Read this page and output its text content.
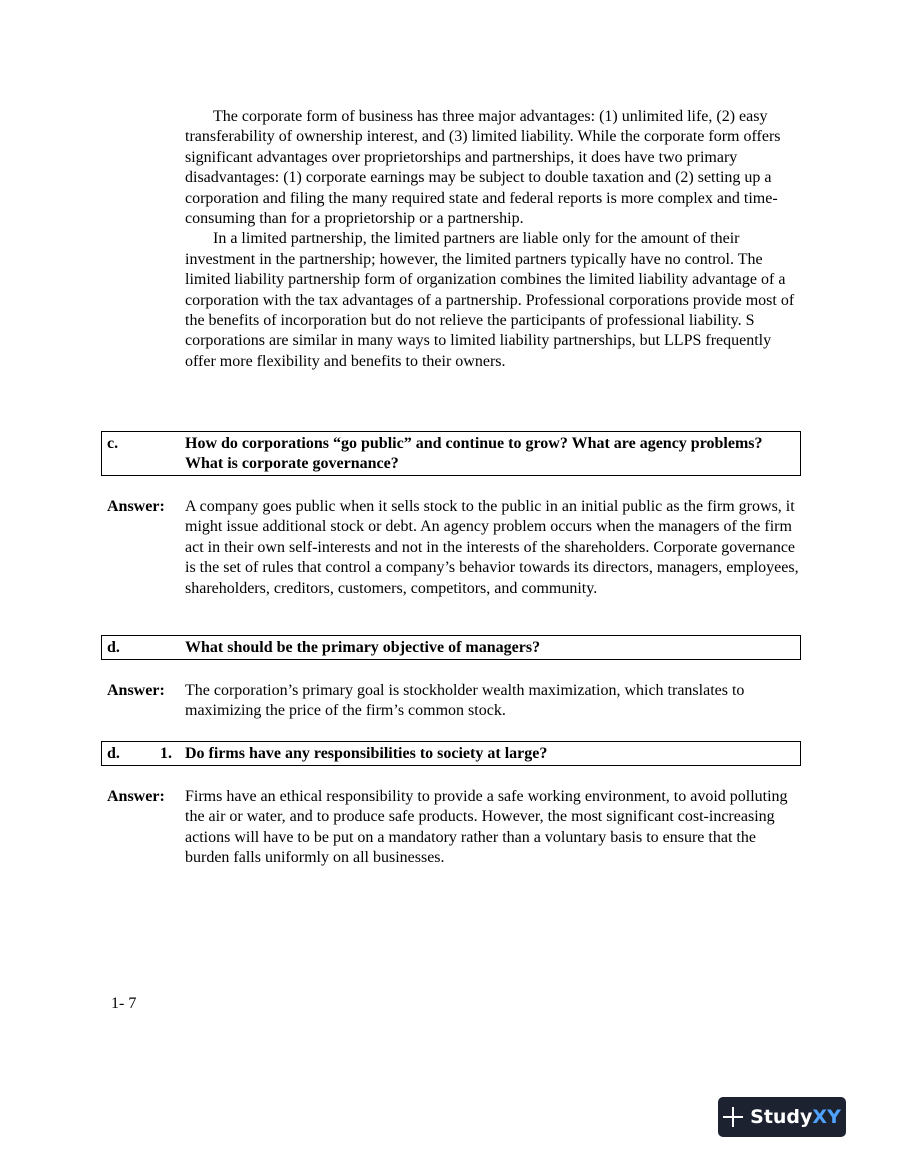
The corporate form of business has three major advantages: (1) unlimited life, (2) easy transferability of ownership interest, and (3) limited liability. While the corporate form offers significant advantages over proprietorships and partnerships, it does have two primary disadvantages: (1) corporate earnings may be subject to double taxation and (2) setting up a corporation and filing the many required state and federal reports is more complex and time-consuming than for a proprietorship or a partnership.

In a limited partnership, the limited partners are liable only for the amount of their investment in the partnership; however, the limited partners typically have no control. The limited liability partnership form of organization combines the limited liability advantage of a corporation with the tax advantages of a partnership. Professional corporations provide most of the benefits of incorporation but do not relieve the participants of professional liability. S corporations are similar in many ways to limited liability partnerships, but LLPS frequently offer more flexibility and benefits to their owners.

c.	How do corporations “go public” and continue to grow? What are agency problems? What is corporate governance?
Answer: A company goes public when it sells stock to the public in an initial public as the firm grows, it might issue additional stock or debt. An agency problem occurs when the managers of the firm act in their own self-interests and not in the interests of the shareholders. Corporate governance is the set of rules that control a company’s behavior towards its directors, managers, employees, shareholders, creditors, customers, competitors, and community.
d.	What should be the primary objective of managers?
Answer: The corporation’s primary goal is stockholder wealth maximization, which translates to maximizing the price of the firm’s common stock.
d.	1. Do firms have any responsibilities to society at large?
Answer: Firms have an ethical responsibility to provide a safe working environment, to avoid polluting the air or water, and to produce safe products. However, the most significant cost-increasing actions will have to be put on a mandatory rather than a voluntary basis to ensure that the burden falls uniformly on all businesses.
1- 7
Study XY
